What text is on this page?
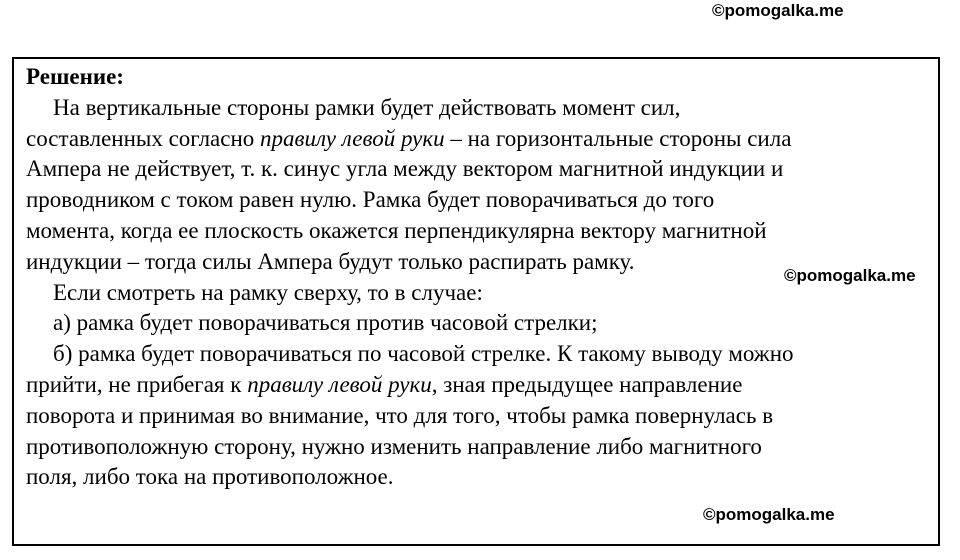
©pomogalka.me
Решение:
На вертикальные стороны рамки будет действовать момент сил,
составленных согласно правилу левой руки – на горизонтальные стороны сила
Ампера не действует, т. к. синус угла между вектором магнитной индукции и
проводником с током равен нулю. Рамка будет поворачиваться до того
момента, когда ее плоскость окажется перпендикулярна вектору магнитной
индукции – тогда силы Ампера будут только распирать рамку.
Если смотреть на рамку сверху, то в случае:
а) рамка будет поворачиваться против часовой стрелки;
б) рамка будет поворачиваться по часовой стрелке. К такому выводу можно
прийти, не прибегая к правилу левой руки, зная предыдущее направление
поворота и принимая во внимание, что для того, чтобы рамка повернулась в
противоположную сторону, нужно изменить направление либо магнитного
поля, либо тока на противоположное.
©pomogalka.me
©pomogalka.me
